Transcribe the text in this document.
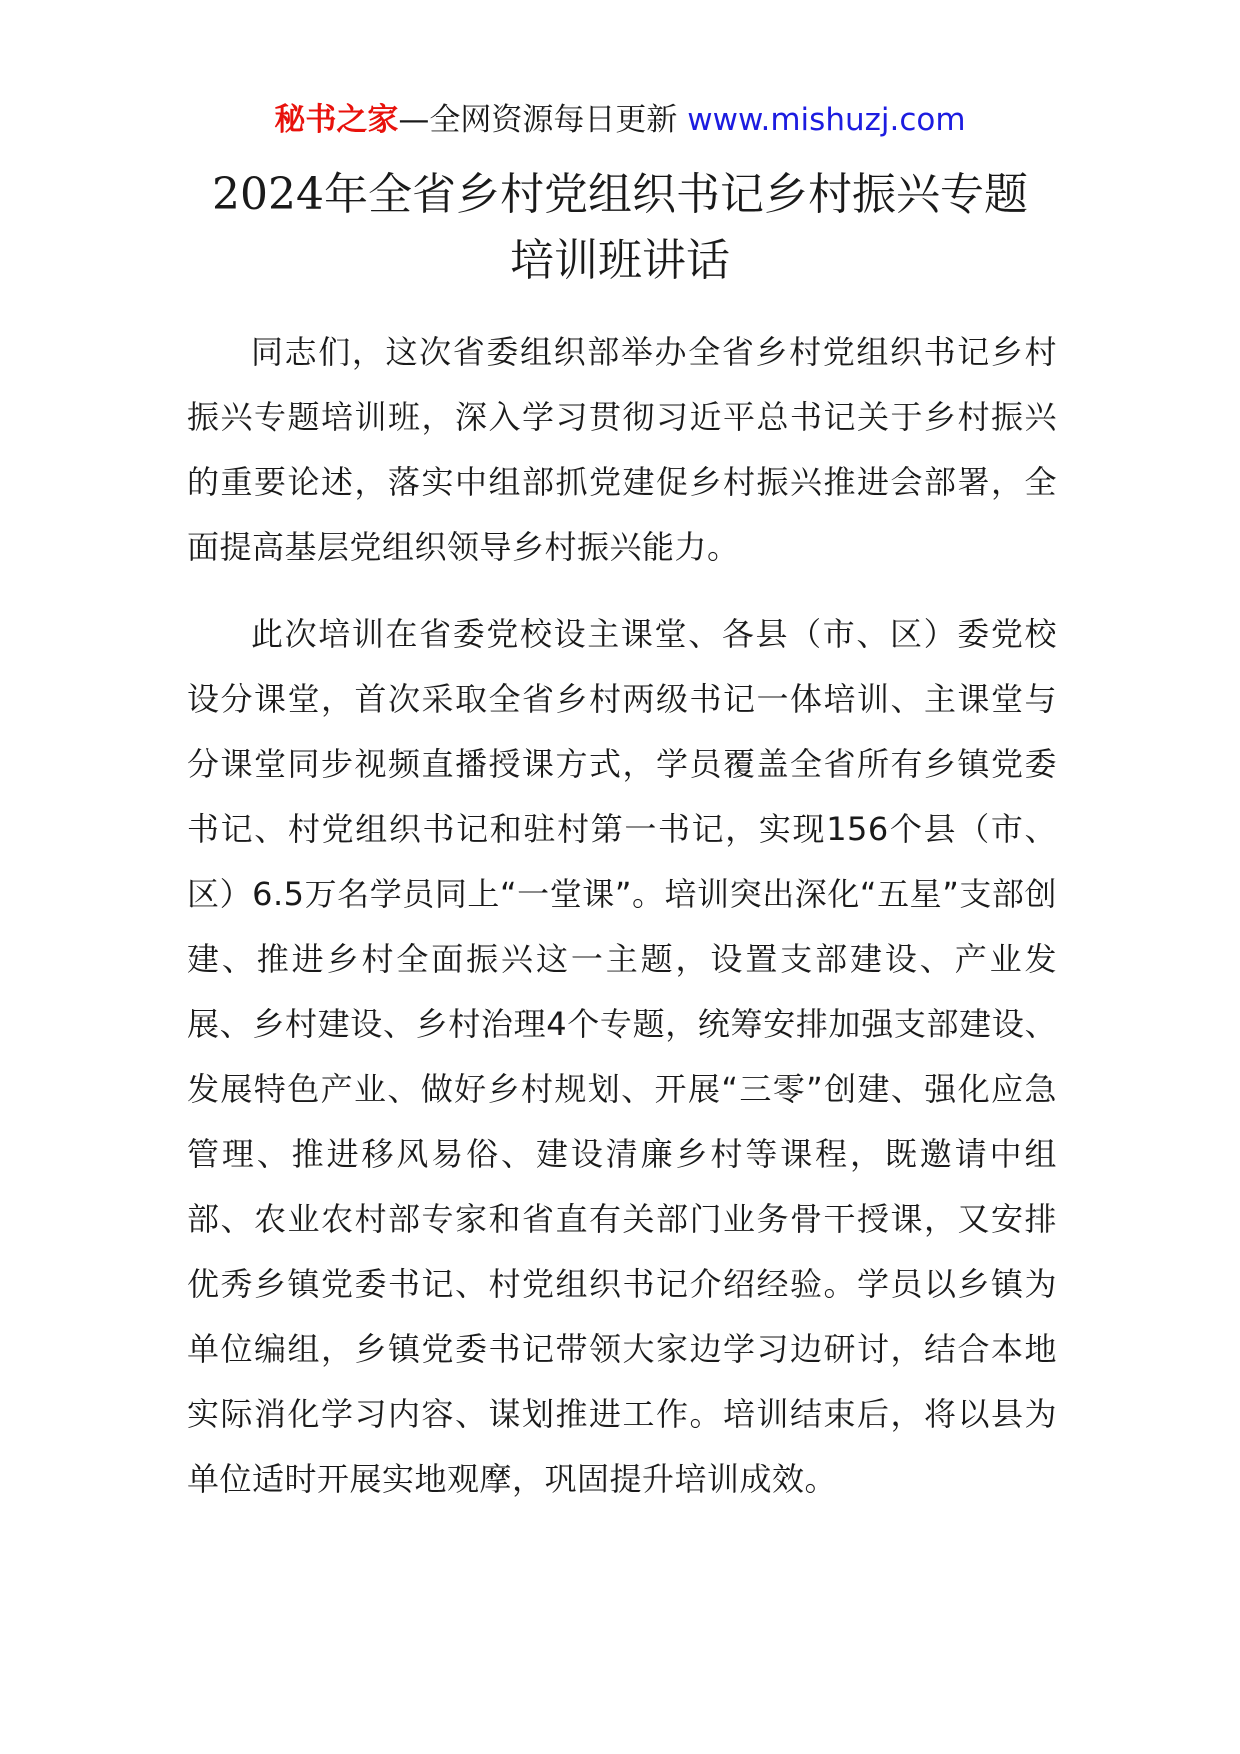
秘书之家—全网资源每日更新 www.mishuzj.com
2024年全省乡村党组织书记乡村振兴专题
培训班讲话

同志们，这次省委组织部举办全省乡村党组织书记乡村振兴专题培训班，深入学习贯彻习近平总书记关于乡村振兴的重要论述，落实中组部抓党建促乡村振兴推进会部署，全面提高基层党组织领导乡村振兴能力。

此次培训在省委党校设主课堂、各县（市、区）委党校设分课堂，首次采取全省乡村两级书记一体培训、主课堂与分课堂同步视频直播授课方式，学员覆盖全省所有乡镇党委书记、村党组织书记和驻村第一书记，实现156个县（市、区）6.5万名学员同上“一堂课”。培训突出深化“五星”支部创建、推进乡村全面振兴这一主题，设置支部建设、产业发展、乡村建设、乡村治理4个专题，统筹安排加强支部建设、发展特色产业、做好乡村规划、开展“三零”创建、强化应急管理、推进移风易俗、建设清廉乡村等课程，既邀请中组部、农业农村部专家和省直有关部门业务骨干授课，又安排优秀乡镇党委书记、村党组织书记介绍经验。学员以乡镇为单位编组，乡镇党委书记带领大家边学习边研讨，结合本地实际消化学习内容、谋划推进工作。培训结束后，将以县为单位适时开展实地观摩，巩固提升培训成效。
